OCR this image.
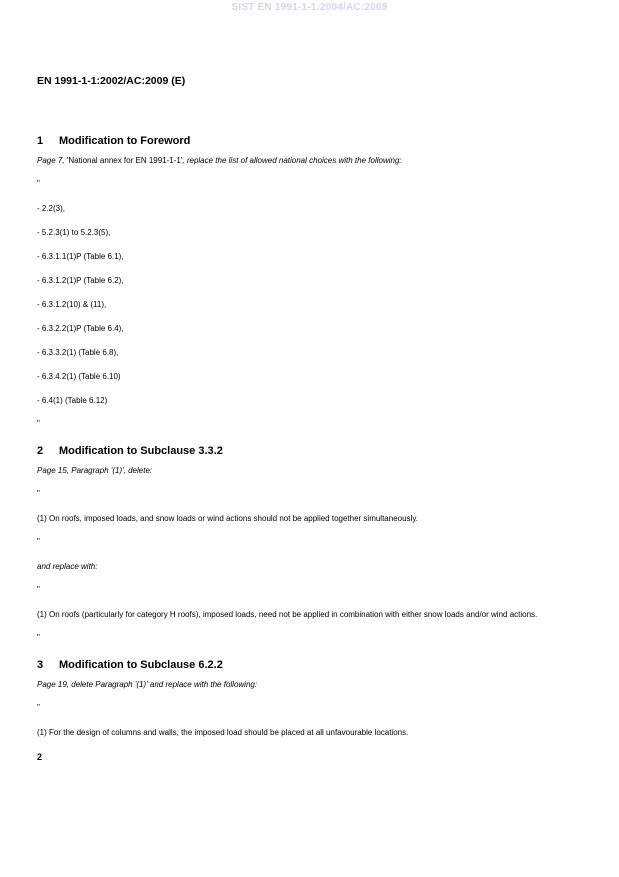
SIST EN 1991-1-1:2004/AC:2009
EN 1991-1-1:2002/AC:2009 (E)
1 Modification to Foreword
Page 7, 'National annex for EN 1991-1-1', replace the list of allowed national choices with the following:
"
- 2.2(3),
- 5.2.3(1) to 5.2.3(5),
- 6.3.1.1(1)P (Table 6.1),
- 6.3.1.2(1)P (Table 6.2),
- 6.3.1.2(10) & (11),
- 6.3.2.2(1)P (Table 6.4),
- 6.3.3.2(1) (Table 6.8),
- 6.3.4.2(1) (Table 6.10)
- 6.4(1) (Table 6.12)
"
2 Modification to Subclause 3.3.2
Page 15, Paragraph '(1)', delete:
"
(1) On roofs, imposed loads, and snow loads or wind actions should not be applied together simultaneously.
"
and replace with:
"
(1) On roofs (particularly for category H roofs), imposed loads, need not be applied in combination with either snow loads and/or wind actions.
"
3 Modification to Subclause 6.2.2
Page 19, delete Paragraph '(1)' and replace with the following:
"
(1) For the design of columns and walls, the imposed load should be placed at all unfavourable locations.
2
